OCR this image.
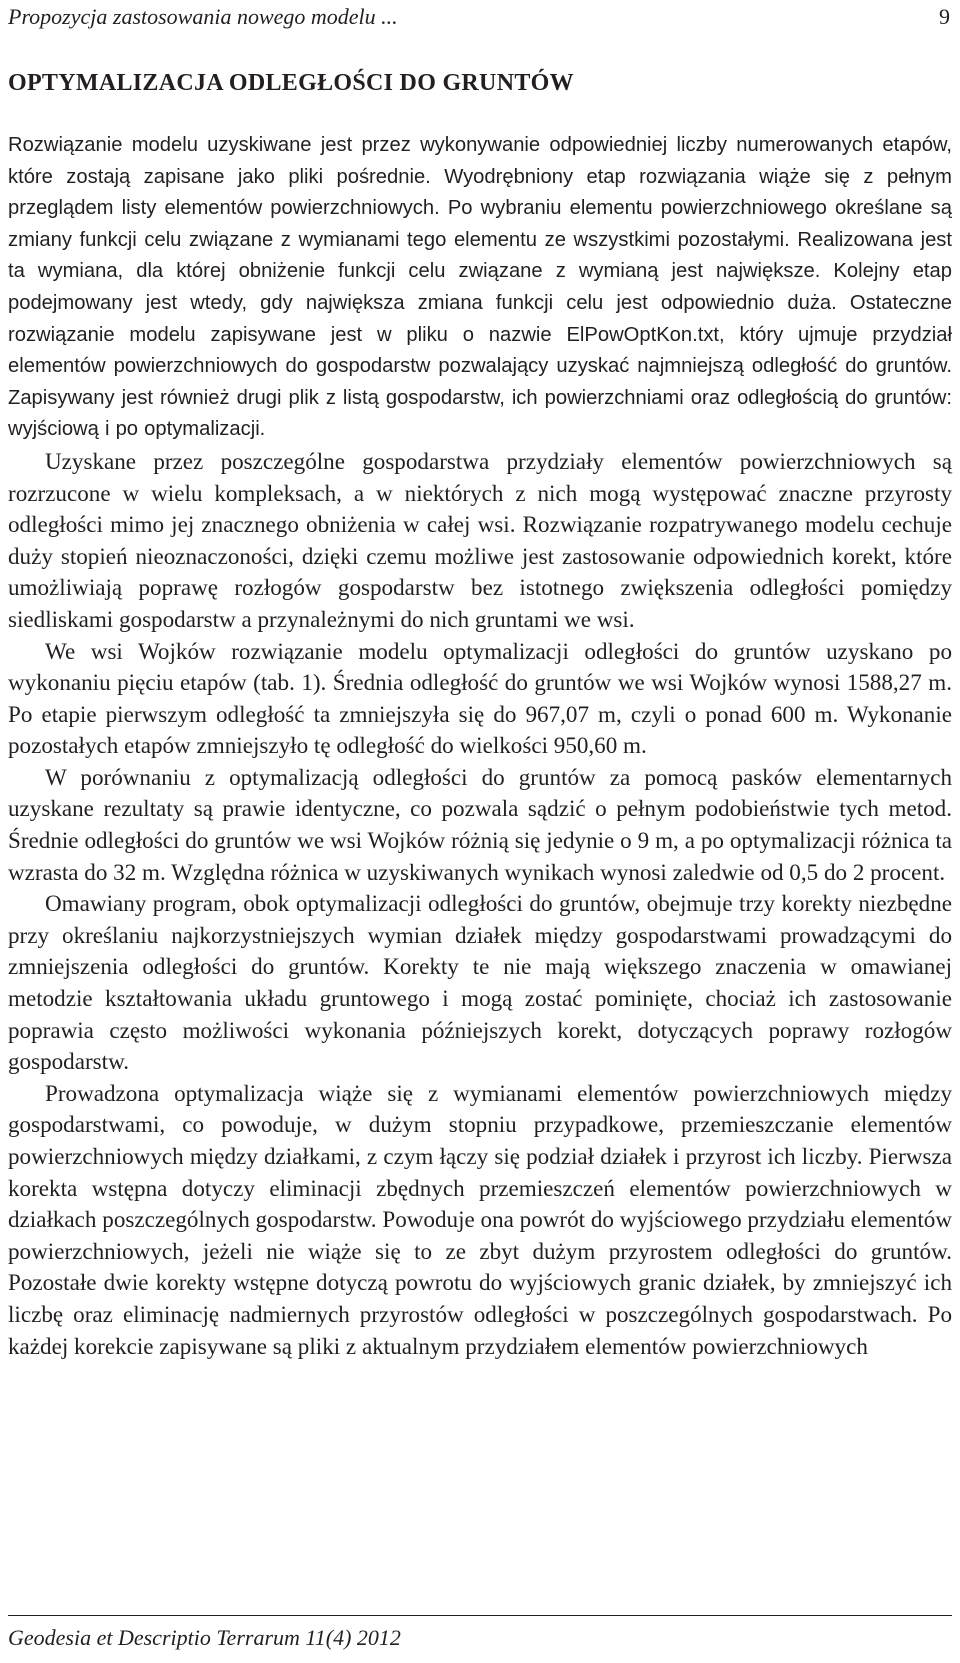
Propozycja zastosowania nowego modelu ...	9
OPTYMALIZACJA ODLEGŁOŚCI DO GRUNTÓW

Rozwiązanie modelu uzyskiwane jest przez wykonywanie odpowiedniej liczby numerowanych etapów, które zostają zapisane jako pliki pośrednie. Wyodrębniony etap rozwiązania wiąże się z pełnym przeglądem listy elementów powierzchniowych. Po wybraniu elementu powierzchniowego określane są zmiany funkcji celu związane z wymianami tego elementu ze wszystkimi pozostałymi. Realizowana jest ta wymiana, dla której obniżenie funkcji celu związane z wymianą jest największe. Kolejny etap podejmowany jest wtedy, gdy największa zmiana funkcji celu jest odpowiednio duża. Ostateczne rozwiązanie modelu zapisywane jest w pliku o nazwie ElPowOptKon.txt, który ujmuje przydział elementów powierzchniowych do gospodarstw pozwalający uzyskać najmniejszą odległość do gruntów. Zapisywany jest również drugi plik z listą gospodarstw, ich powierzchniami oraz odległością do gruntów: wyjściową i po optymalizacji.

Uzyskane przez poszczególne gospodarstwa przydziały elementów powierzchniowych są rozrzucone w wielu kompleksach, a w niektórych z nich mogą występować znaczne przyrosty odległości mimo jej znacznego obniżenia w całej wsi. Rozwiązanie rozpatrywanego modelu cechuje duży stopień nieoznaczoności, dzięki czemu możliwe jest zastosowanie odpowiednich korekt, które umożliwiają poprawę rozłogów gospodarstw bez istotnego zwiększenia odległości pomiędzy siedliskami gospodarstw a przynależnymi do nich gruntami we wsi.

We wsi Wojków rozwiązanie modelu optymalizacji odległości do gruntów uzyskano po wykonaniu pięciu etapów (tab. 1). Średnia odległość do gruntów we wsi Wojków wynosi 1588,27 m. Po etapie pierwszym odległość ta zmniejszyła się do 967,07 m, czyli o ponad 600 m. Wykonanie pozostałych etapów zmniejszyło tę odległość do wielkości 950,60 m.

W porównaniu z optymalizacją odległości do gruntów za pomocą pasków elementarnych uzyskane rezultaty są prawie identyczne, co pozwala sądzić o pełnym podobieństwie tych metod. Średnie odległości do gruntów we wsi Wojków różnią się jedynie o 9 m, a po optymalizacji różnica ta wzrasta do 32 m. Względna różnica w uzyskiwanych wynikach wynosi zaledwie od 0,5 do 2 procent.

Omawiany program, obok optymalizacji odległości do gruntów, obejmuje trzy korekty niezbędne przy określaniu najkorzystniejszych wymian działek między gospodarstwami prowadzącymi do zmniejszenia odległości do gruntów. Korekty te nie mają większego znaczenia w omawianej metodzie kształtowania układu gruntowego i mogą zostać pominięte, chociaż ich zastosowanie poprawia często możliwości wykonania późniejszych korekt, dotyczących poprawy rozłogów gospodarstw.

Prowadzona optymalizacja wiąże się z wymianami elementów powierzchniowych między gospodarstwami, co powoduje, w dużym stopniu przypadkowe, przemieszczanie elementów powierzchniowych między działkami, z czym łączy się podział działek i przyrost ich liczby. Pierwsza korekta wstępna dotyczy eliminacji zbędnych przemieszczeń elementów powierzchniowych w działkach poszczególnych gospodarstw. Powoduje ona powrót do wyjściowego przydziału elementów powierzchniowych, jeżeli nie wiąże się to ze zbyt dużym przyrostem odległości do gruntów. Pozostałe dwie korekty wstępne dotyczą powrotu do wyjściowych granic działek, by zmniejszyć ich liczbę oraz eliminację nadmiernych przyrostów odległości w poszczególnych gospodarstwach. Po każdej korekcie zapisywane są pliki z aktualnym przydziałem elementów powierzchniowych

Geodesia et Descriptio Terrarum 11(4) 2012
